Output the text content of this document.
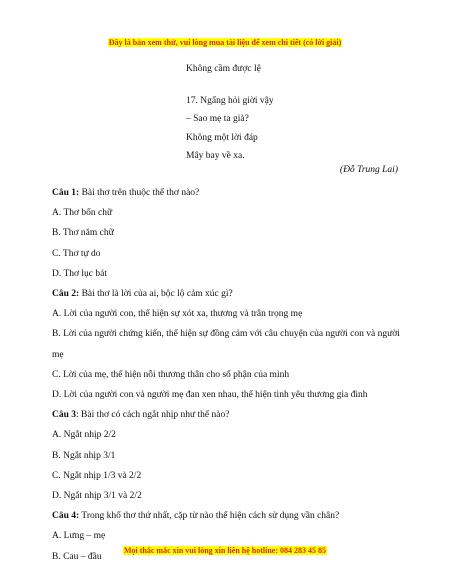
Đây là bản xem thử, vui lòng mua tài liệu để xem chi tiết (có lời giải)
Không cầm được lệ
17. Ngẩng hỏi giời vậy
– Sao mẹ ta già?
Không một lời đáp
Mây bay về xa.
(Đỗ Trung Lai)

Câu 1: Bài thơ trên thuộc thể thơ nào?

A. Thơ bốn chữ

B. Thơ năm chữ

C. Thơ tự do

D. Thơ lục bát

Câu 2: Bài thơ là lời của ai, bộc lộ cảm xúc gì?

A. Lời của người con, thể hiện sự xót xa, thương và trân trọng mẹ

B. Lời của người chứng kiến, thể hiện sự đồng cảm với câu chuyện của người con và người mẹ

C. Lời của mẹ, thể hiện nỗi thương thân cho số phận của mình

D. Lời của người con và người mẹ đan xen nhau, thể hiện tình yêu thương gia đình

Câu 3: Bài thơ có cách ngắt nhịp như thế nào?

A. Ngắt nhịp 2/2

B. Ngắt nhịp 3/1

C. Ngắt nhịp 1/3 và 2/2

D. Ngắt nhịp 3/1 và 2/2

Câu 4: Trong khổ thơ thứ nhất, cặp từ nào thể hiện cách sử dụng vần chân?

A. Lưng – mẹ

B. Cau – đầu

Mọi thắc mắc xin vui lòng xin liên hệ hotline: 084 283 45 85
